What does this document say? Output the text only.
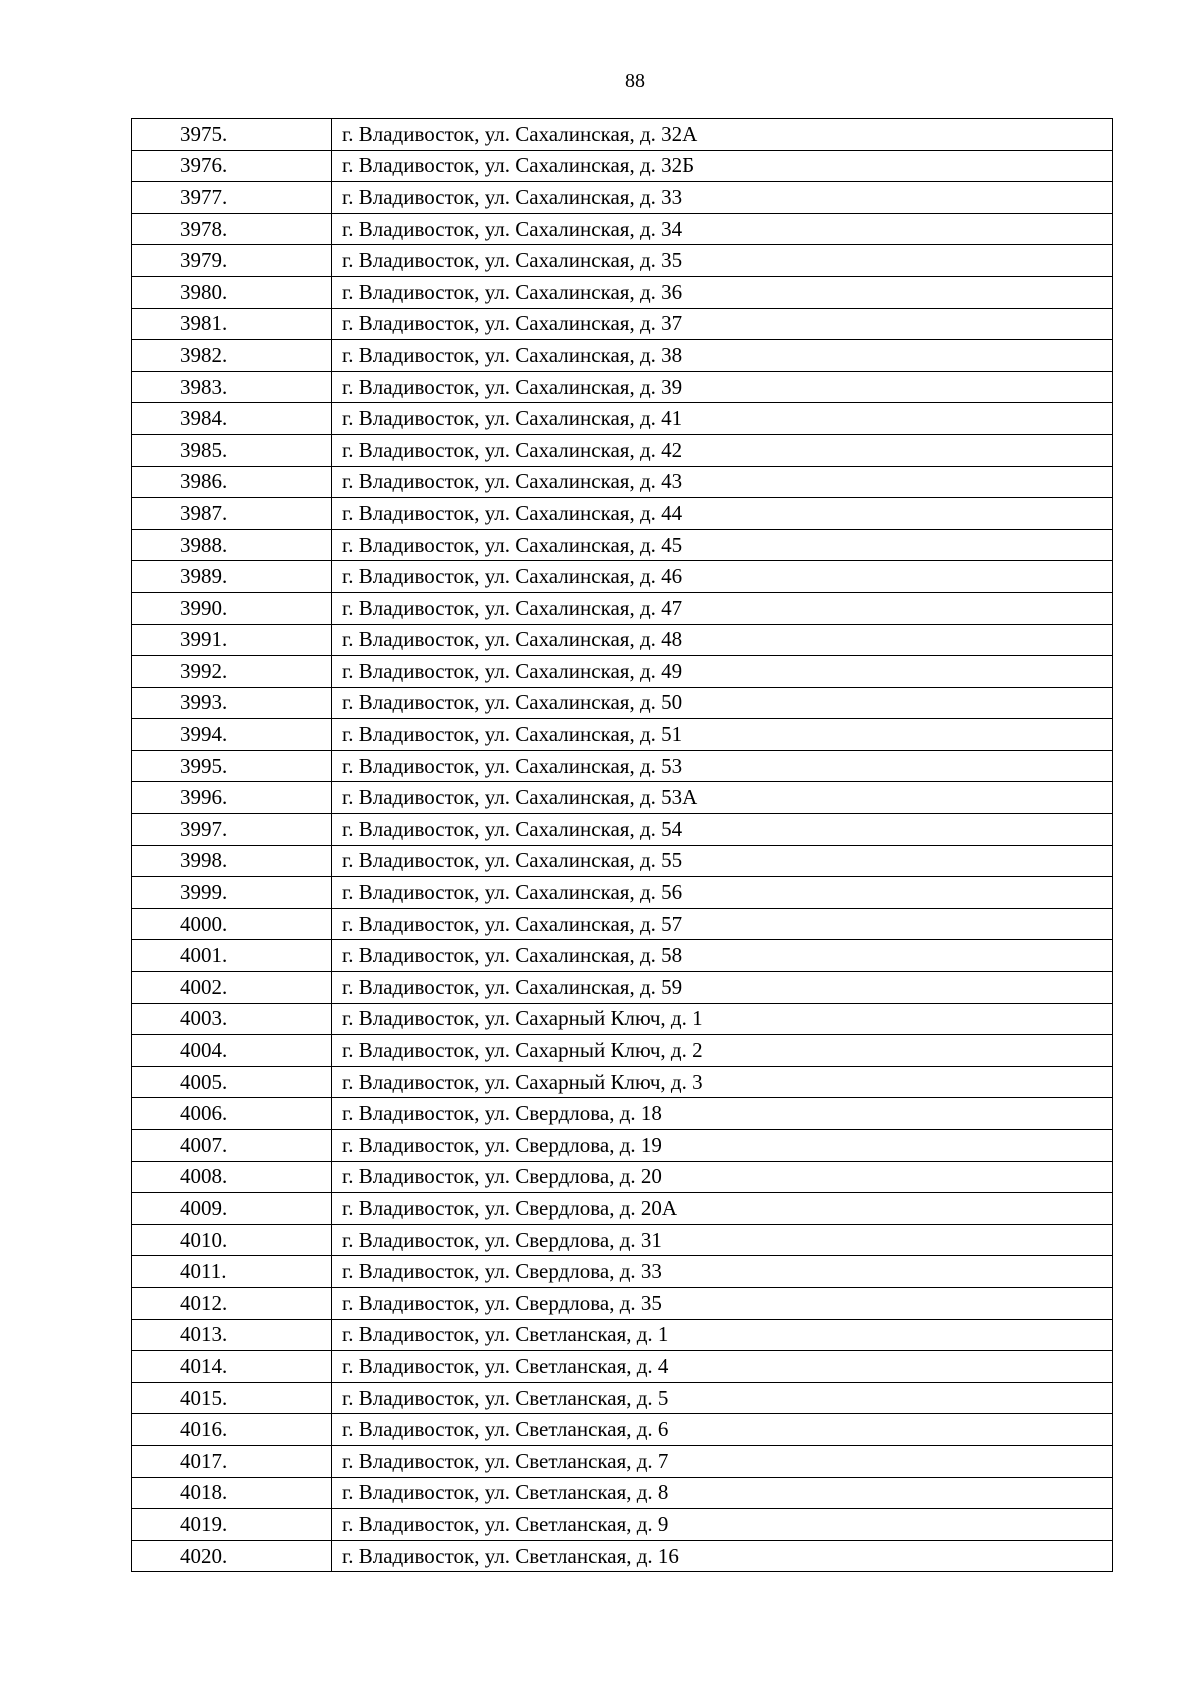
88
3975.	г. Владивосток, ул. Сахалинская, д. 32А
3976.	г. Владивосток, ул. Сахалинская, д. 32Б
3977.	г. Владивосток, ул. Сахалинская, д. 33
3978.	г. Владивосток, ул. Сахалинская, д. 34
3979.	г. Владивосток, ул. Сахалинская, д. 35
3980.	г. Владивосток, ул. Сахалинская, д. 36
3981.	г. Владивосток, ул. Сахалинская, д. 37
3982.	г. Владивосток, ул. Сахалинская, д. 38
3983.	г. Владивосток, ул. Сахалинская, д. 39
3984.	г. Владивосток, ул. Сахалинская, д. 41
3985.	г. Владивосток, ул. Сахалинская, д. 42
3986.	г. Владивосток, ул. Сахалинская, д. 43
3987.	г. Владивосток, ул. Сахалинская, д. 44
3988.	г. Владивосток, ул. Сахалинская, д. 45
3989.	г. Владивосток, ул. Сахалинская, д. 46
3990.	г. Владивосток, ул. Сахалинская, д. 47
3991.	г. Владивосток, ул. Сахалинская, д. 48
3992.	г. Владивосток, ул. Сахалинская, д. 49
3993.	г. Владивосток, ул. Сахалинская, д. 50
3994.	г. Владивосток, ул. Сахалинская, д. 51
3995.	г. Владивосток, ул. Сахалинская, д. 53
3996.	г. Владивосток, ул. Сахалинская, д. 53А
3997.	г. Владивосток, ул. Сахалинская, д. 54
3998.	г. Владивосток, ул. Сахалинская, д. 55
3999.	г. Владивосток, ул. Сахалинская, д. 56
4000.	г. Владивосток, ул. Сахалинская, д. 57
4001.	г. Владивосток, ул. Сахалинская, д. 58
4002.	г. Владивосток, ул. Сахалинская, д. 59
4003.	г. Владивосток, ул. Сахарный Ключ, д. 1
4004.	г. Владивосток, ул. Сахарный Ключ, д. 2
4005.	г. Владивосток, ул. Сахарный Ключ, д. 3
4006.	г. Владивосток, ул. Свердлова, д. 18
4007.	г. Владивосток, ул. Свердлова, д. 19
4008.	г. Владивосток, ул. Свердлова, д. 20
4009.	г. Владивосток, ул. Свердлова, д. 20А
4010.	г. Владивосток, ул. Свердлова, д. 31
4011.	г. Владивосток, ул. Свердлова, д. 33
4012.	г. Владивосток, ул. Свердлова, д. 35
4013.	г. Владивосток, ул. Светланская, д. 1
4014.	г. Владивосток, ул. Светланская, д. 4
4015.	г. Владивосток, ул. Светланская, д. 5
4016.	г. Владивосток, ул. Светланская, д. 6
4017.	г. Владивосток, ул. Светланская, д. 7
4018.	г. Владивосток, ул. Светланская, д. 8
4019.	г. Владивосток, ул. Светланская, д. 9
4020.	г. Владивосток, ул. Светланская, д. 16
